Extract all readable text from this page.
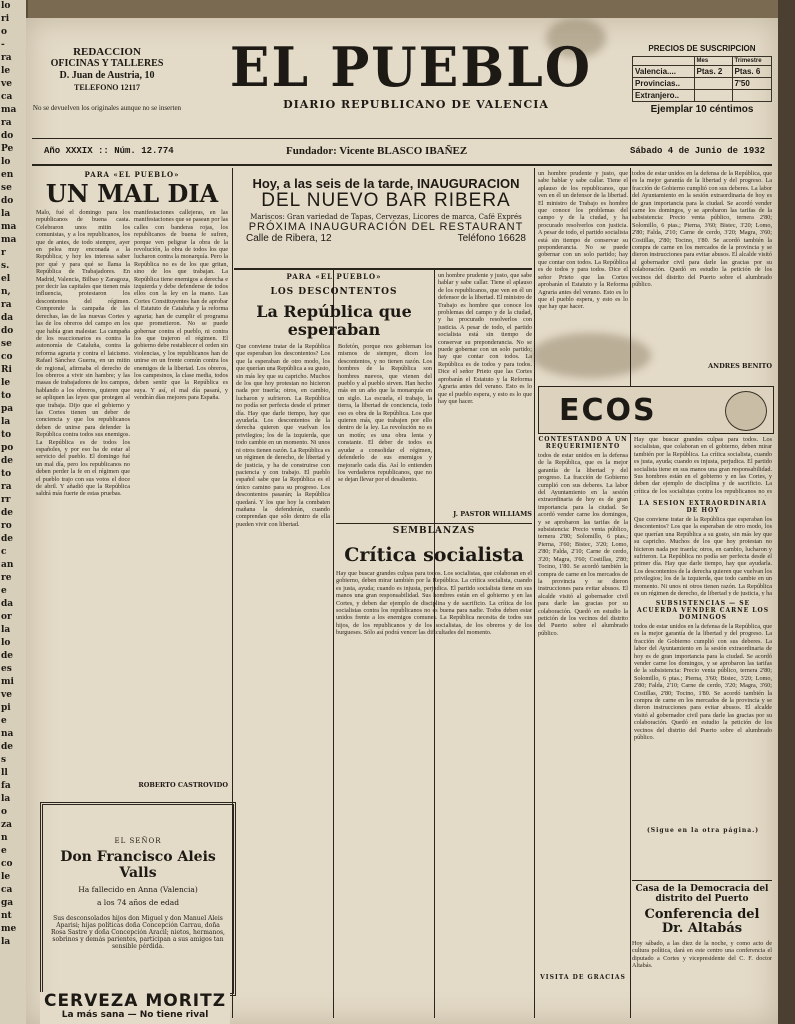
lo
ri
o
-
ra
le
ve
ca
ma
ra
do
Pe
lo
en
se
do
la
ma
ma
r
s.
el
n,
ra
da
do
se
co
Ri
le
to
pa
la
to
po
de
to
ra
rr
de
ro
de
c
an
re
e
da
or
la
lo
de
es
mi
ve
pi
e
na
de
s
ll
fa
la
o
za
n
e
co
le
ca
ga
nt
me
la
REDACCION
OFICINAS Y TALLERES
D. Juan de Austria, 10
TELEFONO 12117
No se devuelven los originales aunque no se inserten
EL PUEBLO
DIARIO REPUBLICANO DE VALENCIA
PRECIOS DE SUSCRIPCION
	Mes	Trimestre
Valencia....	Ptas. 2	Ptas. 6
Provincias..		7'50
Extranjero..		
Ejemplar 10 céntimos
Año XXXIX :: Núm. 12.774	Fundador: Vicente BLASCO IBAÑEZ	Sábado 4 de Junio de 1932
PARA «EL PUEBLO»
UN MAL DIA
Malo, fué el domingo para los republicanos de buena casta. Celebraron unos mitin los comunistas, y a los republicanos, los que de antes, de todo siempre, ayer en pelea muy enconada a la República; y hoy les interesa saber por qué y para qué se llama la República de Trabajadores. En Madrid, Valencia, Bilbao y Zaragoza, por decir las capitales que tienen más influencia, protestaron los descontentos del régimen. Comprende la campaña de las derechas, las de las nuevas Cortes y las de los obreros del campo en los que había gran malestar. La campaña de los reaccionarios es contra la autonomía de Cataluña, contra la reforma agraria y contra el laicismo. Rafael Sánchez Guerra, en un mitin de regional, afirmaba el derecho de los obreros a vivir sin hambre; y las masas de trabajadores de los campos, hablando a los obreros, quieren que se apliquen las leyes que protegen al que trabaja. Dijo que el gobierno y las Cortes tienen un deber de conciencia y que los republicanos deben de unirse para defender la República contra todos sus enemigos. La República es de todos los españoles, y por eso ha de estar al servicio del pueblo. El domingo fué un mal día, pero los republicanos no deben perder la fe en el régimen que el pueblo trajo con sus votos el doce de abril. Y añadió que la República saldrá más fuerte de estas pruebas.
manifestaciones callejeras, en las manifestaciones que se pasean por las calles con banderas rojas, los republicanos de buena fe sufren, porque ven peligrar la obra de la revolución, la obra de todos los que lucharon contra la monarquía. Pero la República no es de los que gritan, sino de los que trabajan. La República tiene enemigos a derecha e izquierda y debe defenderse de todos ellos con la ley en la mano. Las Cortes Constituyentes han de aprobar el Estatuto de Cataluña y la reforma agraria; han de cumplir el programa que prometieron. No se puede gobernar contra el pueblo, ni contra los que trajeron el régimen. El gobierno debe restablecer el orden sin violencias, y los republicanos han de unirse en un frente común contra los enemigos de la libertad. Los obreros, los campesinos, la clase media, todos deben sentir que la República es suya. Y así, el mal día pasará, y vendrán días mejores para España.
ROBERTO CASTROVIDO
EL SEÑOR
Don Francisco Aleis Valls
Ha fallecido en Anna (Valencia)
a los 74 años de edad
Sus desconsolados hijos don Miguel y don Manuel Aleis Aparisi; hijas políticas doña Concepción Carrau, doña Rosa Sastre y doña Concepción Aracil; nietos, hermanos, sobrinos y demás parientes, participan a sus amigos tan sensible pérdida.
CERVEZA MORITZ
La más sana — No tiene rival
Hoy, a las seis de la tarde, INAUGURACION
DEL NUEVO BAR RIBERA
Mariscos: Gran variedad de Tapas, Cervezas, Licores de marca, Café Exprés
PRÓXIMA INAUGURACIÓN DEL RESTAURANT
Calle de Ribera, 12	Teléfono 16628
PARA «EL PUEBLO»
LOS DESCONTENTOS
La República que esperaban
Que conviene tratar de la República que esperaban los descontentos? Los que la esperaban de otro modo, los que querían una República a su gusto, sin más ley que su capricho. Muchos de los que hoy protestan no hicieron nada por traerla; otros, en cambio, lucharon y sufrieron. La República no podía ser perfecta desde el primer día. Hay que darle tiempo, hay que ayudarla. Los descontentos de la derecha quieren que vuelvan los privilegios; los de la izquierda, que todo cambie en un momento. Ni unos ni otros tienen razón. La República es un régimen de derecho, de libertad y de justicia, y ha de construirse con paciencia y con trabajo. El pueblo español sabe que la República es el único camino para su progreso. Los descontentos pasarán; la República quedará. Y los que hoy la combaten mañana la defenderán, cuando comprendan que sólo dentro de ella pueden vivir con libertad.
Bofetón, porque nos gobiernan los mismos de siempre, dicen los descontentos, y no tienen razón. Los hombres de la República son hombres nuevos, que vienen del pueblo y al pueblo sirven. Han hecho más en un año que la monarquía en un siglo. La escuela, el trabajo, la tierra, la libertad de conciencia, todo eso es obra de la República. Los que quieren más, que trabajen por ello dentro de la ley. La revolución no es un motín; es una obra lenta y constante. El deber de todos es ayudar a consolidar el régimen, defenderlo de sus enemigos y mejorarlo cada día. Así lo entienden los verdaderos republicanos, que no se dejan llevar por el desaliento.
un hombre prudente y justo, que sabe hablar y sabe callar. Tiene el aplauso de los republicanos, que ven en él un defensor de la libertad. El ministro de Trabajo es hombre que conoce los problemas del campo y de la ciudad, y ha procurado resolverlos con justicia. A pesar de todo, el partido socialista está sin tiempo de conservar su preponderancia. No se puede gobernar con un solo partido; hay que contar con todos. La República es de todos y para todos. Dice el señor Prieto que las Cortes aprobarán el Estatuto y la Reforma Agraria antes del verano. Esto es lo que el pueblo espera, y esto es lo que hay que hacer.
J. PASTOR WILLIAMS
SEMBLANZAS
Crítica socialista
Hay que buscar grandes culpas para todos. Los socialistas, que colaboran en el gobierno, deben mirar también por la República. La crítica socialista, cuando es justa, ayuda; cuando es injusta, perjudica. El partido socialista tiene en sus manos una gran responsabilidad. Sus hombres están en el gobierno y en las Cortes, y deben dar ejemplo de disciplina y de sacrificio. La crítica de los socialistas contra los republicanos no es buena para nadie. Todos deben estar unidos frente a los enemigos comunes. La República necesita de todos sus hijos, de los republicanos y de los socialistas, de los obreros y de los burgueses. Sólo así podrá vencer las dificultades del momento.
un hombre prudente y justo, que sabe hablar y sabe callar. Tiene el aplauso de los republicanos, que ven en él un defensor de la libertad. El ministro de Trabajo es hombre que conoce los problemas del campo y de la ciudad, y ha procurado resolverlos con justicia. A pesar de todo, el partido socialista está sin tiempo de conservar su preponderancia. No se puede gobernar con un solo partido; hay que contar con todos. La República es de todos y para todos. Dice el señor Prieto que las Cortes aprobarán el Estatuto y la Reforma Agraria antes del verano. Esto es lo que el pueblo espera, y esto es lo que hay que hacer.
todos de estar unidos en la defensa de la República, que es la mejor garantía de la libertad y del progreso. La fracción de Gobierno cumplió con sus deberes. La labor del Ayuntamiento en la sesión extraordinaria de hoy es de gran importancia para la ciudad. Se acordó vender carne los domingos, y se aprobaron las tarifas de la subsistencia: Precio venta público, ternera 2'80; Solomillo, 6 ptas.; Pierna, 3'60; Bistec, 3'20; Lomo, 2'80; Falda, 2'10; Carne de cerdo, 3'20; Magra, 3'60; Costillas, 2'80; Tocino, 1'80. Se acordó también la compra de carne en los mercados de la provincia y se dieron instrucciones para evitar abusos. El alcalde visitó al gobernador civil para darle las gracias por su colaboración. Quedó en estudio la petición de los vecinos del distrito del Puerto sobre el alumbrado público.
ANDRES BENITO
ECOS
CONTESTANDO A UN REQUERIMIENTO
todos de estar unidos en la defensa de la República, que es la mejor garantía de la libertad y del progreso. La fracción de Gobierno cumplió con sus deberes. La labor del Ayuntamiento en la sesión extraordinaria de hoy es de gran importancia para la ciudad. Se acordó vender carne los domingos, y se aprobaron las tarifas de la subsistencia: Precio venta público, ternera 2'80; Solomillo, 6 ptas.; Pierna, 3'60; Bistec, 3'20; Lomo, 2'80; Falda, 2'10; Carne de cerdo, 3'20; Magra, 3'60; Costillas, 2'80; Tocino, 1'80. Se acordó también la compra de carne en los mercados de la provincia y se dieron instrucciones para evitar abusos. El alcalde visitó al gobernador civil para darle las gracias por su colaboración. Quedó en estudio la petición de los vecinos del distrito del Puerto sobre el alumbrado público.
VISITA DE GRACIAS
Hay que buscar grandes culpas para todos. Los socialistas, que colaboran en el gobierno, deben mirar también por la República. La crítica socialista, cuando es justa, ayuda; cuando es injusta, perjudica. El partido socialista tiene en sus manos una gran responsabilidad. Sus hombres están en el gobierno y en las Cortes, y deben dar ejemplo de disciplina y de sacrificio. La crítica de los socialistas contra los republicanos no es
LA SESION EXTRAORDINARIA DE HOY
Que conviene tratar de la República que esperaban los descontentos? Los que la esperaban de otro modo, los que querían una República a su gusto, sin más ley que su capricho. Muchos de los que hoy protestan no hicieron nada por traerla; otros, en cambio, lucharon y sufrieron. La República no podía ser perfecta desde el primer día. Hay que darle tiempo, hay que ayudarla. Los descontentos de la derecha quieren que vuelvan los privilegios; los de la izquierda, que todo cambie en un momento. Ni unos ni otros tienen razón. La República es un régimen de derecho, de libertad y de justicia, y ha
SUBSISTENCIAS — SE ACUERDA VENDER CARNE LOS DOMINGOS
todos de estar unidos en la defensa de la República, que es la mejor garantía de la libertad y del progreso. La fracción de Gobierno cumplió con sus deberes. La labor del Ayuntamiento en la sesión extraordinaria de hoy es de gran importancia para la ciudad. Se acordó vender carne los domingos, y se aprobaron las tarifas de la subsistencia: Precio venta público, ternera 2'80; Solomillo, 6 ptas.; Pierna, 3'60; Bistec, 3'20; Lomo, 2'80; Falda, 2'10; Carne de cerdo, 3'20; Magra, 3'60; Costillas, 2'80; Tocino, 1'80. Se acordó también la compra de carne en los mercados de la provincia y se dieron instrucciones para evitar abusos. El alcalde visitó al gobernador civil para darle las gracias por su colaboración. Quedó en estudio la petición de los vecinos del distrito del Puerto sobre el alumbrado público.
(Sigue en la otra página.)
Casa de la Democracia del distrito del Puerto
Conferencia del Dr. Altabás
Hoy sábado, a las diez de la noche, y como acto de cultura política, dará en este centro una conferencia el diputado a Cortes y vicepresidente del C. F. doctor Altabás.
